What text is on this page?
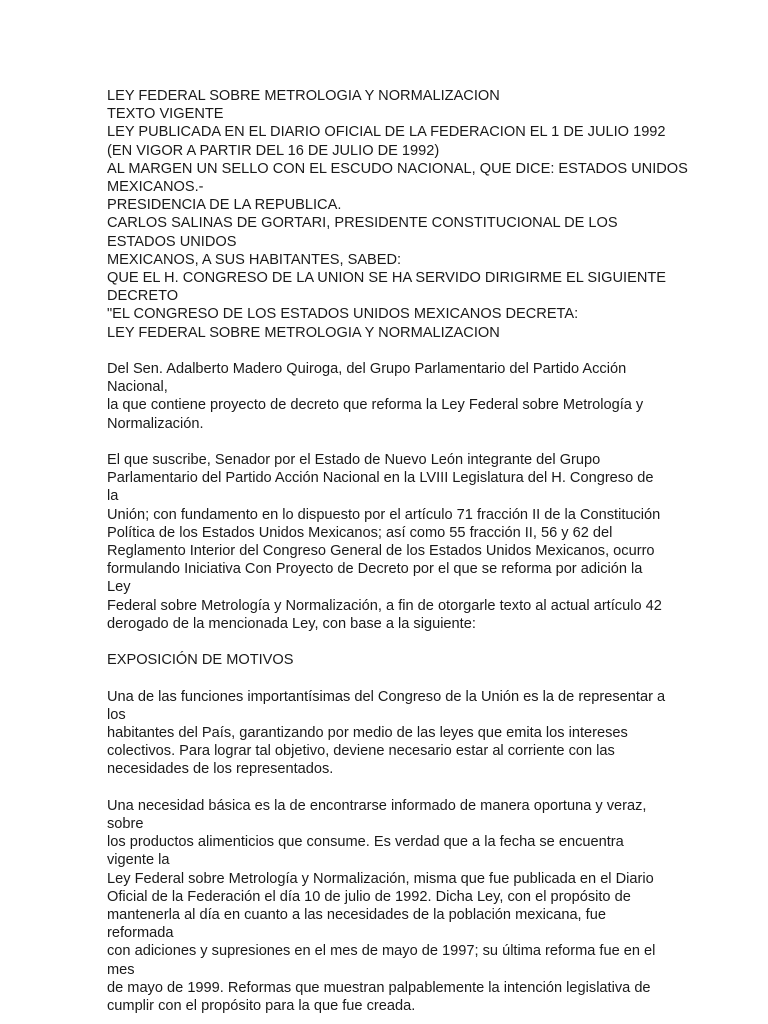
LEY FEDERAL SOBRE METROLOGIA Y NORMALIZACION
TEXTO VIGENTE
LEY PUBLICADA EN EL DIARIO OFICIAL DE LA FEDERACION EL 1 DE JULIO 1992
(EN VIGOR A PARTIR DEL 16 DE JULIO DE 1992)
AL MARGEN UN SELLO CON EL ESCUDO NACIONAL, QUE DICE: ESTADOS UNIDOS
MEXICANOS.-
PRESIDENCIA DE LA REPUBLICA.
CARLOS SALINAS DE GORTARI, PRESIDENTE CONSTITUCIONAL DE LOS
ESTADOS UNIDOS
MEXICANOS, A SUS HABITANTES, SABED:
QUE EL H. CONGRESO DE LA UNION SE HA SERVIDO DIRIGIRME EL SIGUIENTE
DECRETO
"EL CONGRESO DE LOS ESTADOS UNIDOS MEXICANOS DECRETA:
LEY FEDERAL SOBRE METROLOGIA Y NORMALIZACION

Del Sen. Adalberto Madero Quiroga, del Grupo Parlamentario del Partido Acción Nacional,
la que contiene proyecto de decreto que reforma la Ley Federal sobre Metrología y
Normalización.

El que suscribe, Senador por el Estado de Nuevo León integrante del Grupo
Parlamentario del Partido Acción Nacional en la LVIII Legislatura del H. Congreso de la
Unión; con fundamento en lo dispuesto por el artículo 71 fracción II de la Constitución
Política de los Estados Unidos Mexicanos; así como 55 fracción II, 56 y 62 del
Reglamento Interior del Congreso General de los Estados Unidos Mexicanos, ocurro
formulando Iniciativa Con Proyecto de Decreto por el que se reforma por adición la Ley
Federal sobre Metrología y Normalización, a fin de otorgarle texto al actual artículo 42
derogado de la mencionada Ley, con base a la siguiente:

EXPOSICIÓN DE MOTIVOS

Una de las funciones importantísimas del Congreso de la Unión es la de representar a los
habitantes del País, garantizando por medio de las leyes que emita los intereses
colectivos. Para lograr tal objetivo, deviene necesario estar al corriente con las
necesidades de los representados.

Una necesidad básica es la de encontrarse informado de manera oportuna y veraz, sobre
los productos alimenticios que consume. Es verdad que a la fecha se encuentra vigente la
Ley Federal sobre Metrología y Normalización, misma que fue publicada en el Diario
Oficial de la Federación el día 10 de julio de 1992. Dicha Ley, con el propósito de
mantenerla al día en cuanto a las necesidades de la población mexicana, fue reformada
con adiciones y supresiones en el mes de mayo de 1997; su última reforma fue en el mes
de mayo de 1999. Reformas que muestran palpablemente la intención legislativa de
cumplir con el propósito para la que fue creada.
